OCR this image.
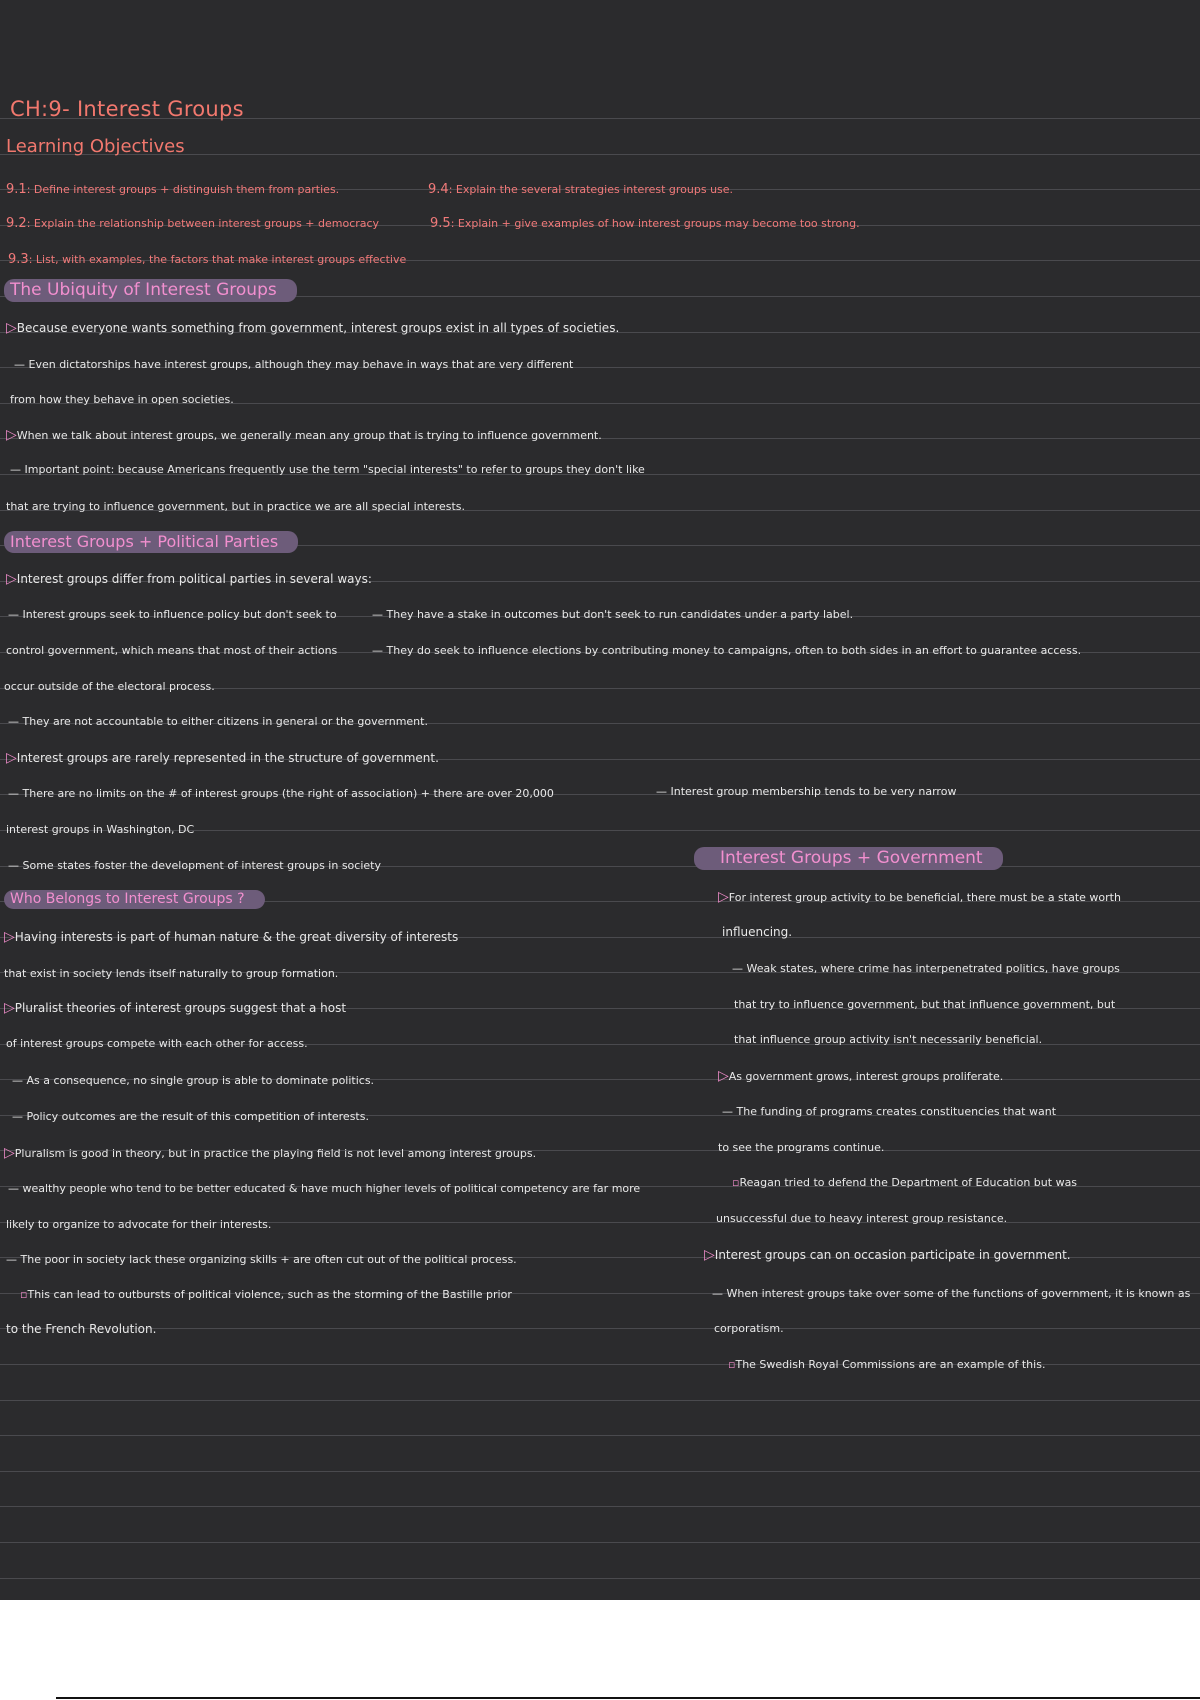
CH:9- Interest Groups
Learning Objectives
9.1: Define interest groups + distinguish them from parties.
9.2: Explain the relationship between interest groups + democracy
9.3: List, with examples, the factors that make interest groups effective
9.4: Explain the several strategies interest groups use.
9.5: Explain + give examples of how interest groups may become too strong.
The Ubiquity of Interest Groups
▷Because everyone wants something from government, interest groups exist in all types of societies.
— Even dictatorships have interest groups, although they may behave in ways that are very different
from how they behave in open societies.
▷When we talk about interest groups, we generally mean any group that is trying to influence government.
— Important point: because Americans frequently use the term "special interests" to refer to groups they don't like
that are trying to influence government, but in practice we are all special interests.
Interest Groups + Political Parties
▷Interest groups differ from political parties in several ways:
— Interest groups seek to influence policy but don't seek to
control government, which means that most of their actions
occur outside of the electoral process.
— They have a stake in outcomes but don't seek to run candidates under a party label.
— They do seek to influence elections by contributing money to campaigns, often to both sides in an effort to guarantee access.
— They are not accountable to either citizens in general or the government.
▷Interest groups are rarely represented in the structure of government.
— There are no limits on the # of interest groups (the right of association) + there are over 20,000	— Interest group membership tends to be very narrow
interest groups in Washington, DC
— Some states foster the development of interest groups in society
Who Belongs to Interest Groups ?
▷Having interests is part of human nature & the great diversity of interests
that exist in society lends itself naturally to group formation.
▷Pluralist theories of interest groups suggest that a host
of interest groups compete with each other for access.
— As a consequence, no single group is able to dominate politics.
— Policy outcomes are the result of this competition of interests.
▷Pluralism is good in theory, but in practice the playing field is not level among interest groups.
— wealthy people who tend to be better educated & have much higher levels of political competency are far more
likely to organize to advocate for their interests.
— The poor in society lack these organizing skills + are often cut out of the political process.
▫This can lead to outbursts of political violence, such as the storming of the Bastille prior
to the French Revolution.
Interest Groups + Government
▷For interest group activity to be beneficial, there must be a state worth
influencing.
— Weak states, where crime has interpenetrated politics, have groups
that try to influence government, but that influence government, but
that influence group activity isn't necessarily beneficial.
▷As government grows, interest groups proliferate.
— The funding of programs creates constituencies that want
to see the programs continue.
▫Reagan tried to defend the Department of Education but was
unsuccessful due to heavy interest group resistance.
▷Interest groups can on occasion participate in government.
— When interest groups take over some of the functions of government, it is known as
corporatism.
▫The Swedish Royal Commissions are an example of this.
